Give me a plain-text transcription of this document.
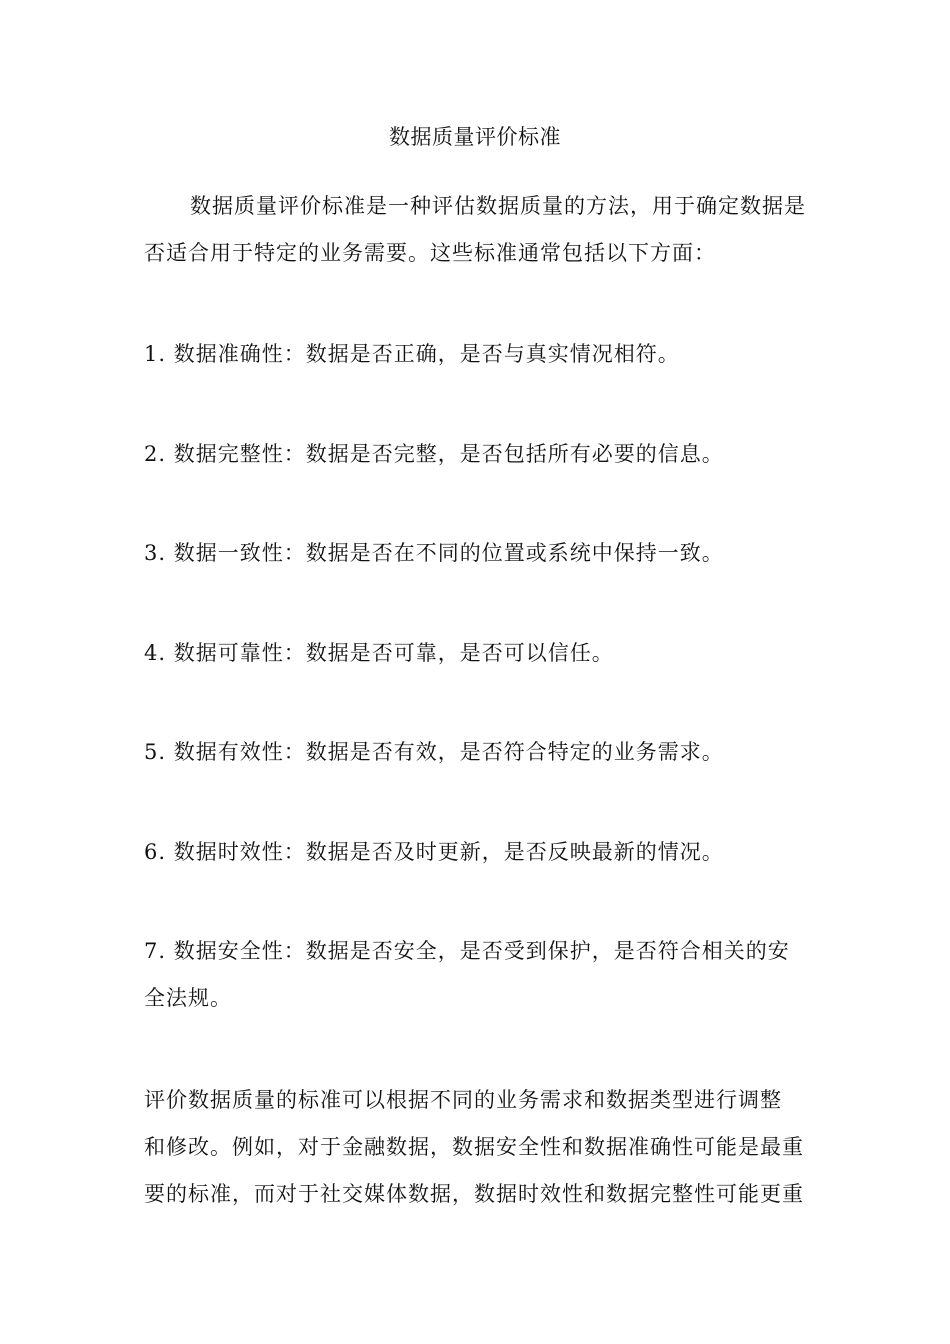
数据质量评价标准
数据质量评价标准是一种评估数据质量的方法，用于确定数据是
否适合用于特定的业务需要。这些标准通常包括以下方面：
1. 数据准确性：数据是否正确，是否与真实情况相符。
2. 数据完整性：数据是否完整，是否包括所有必要的信息。
3. 数据一致性：数据是否在不同的位置或系统中保持一致。
4. 数据可靠性：数据是否可靠，是否可以信任。
5. 数据有效性：数据是否有效，是否符合特定的业务需求。
6. 数据时效性：数据是否及时更新，是否反映最新的情况。
7. 数据安全性：数据是否安全，是否受到保护，是否符合相关的安
全法规。
评价数据质量的标准可以根据不同的业务需求和数据类型进行调整
和修改。例如，对于金融数据，数据安全性和数据准确性可能是最重
要的标准，而对于社交媒体数据，数据时效性和数据完整性可能更重
